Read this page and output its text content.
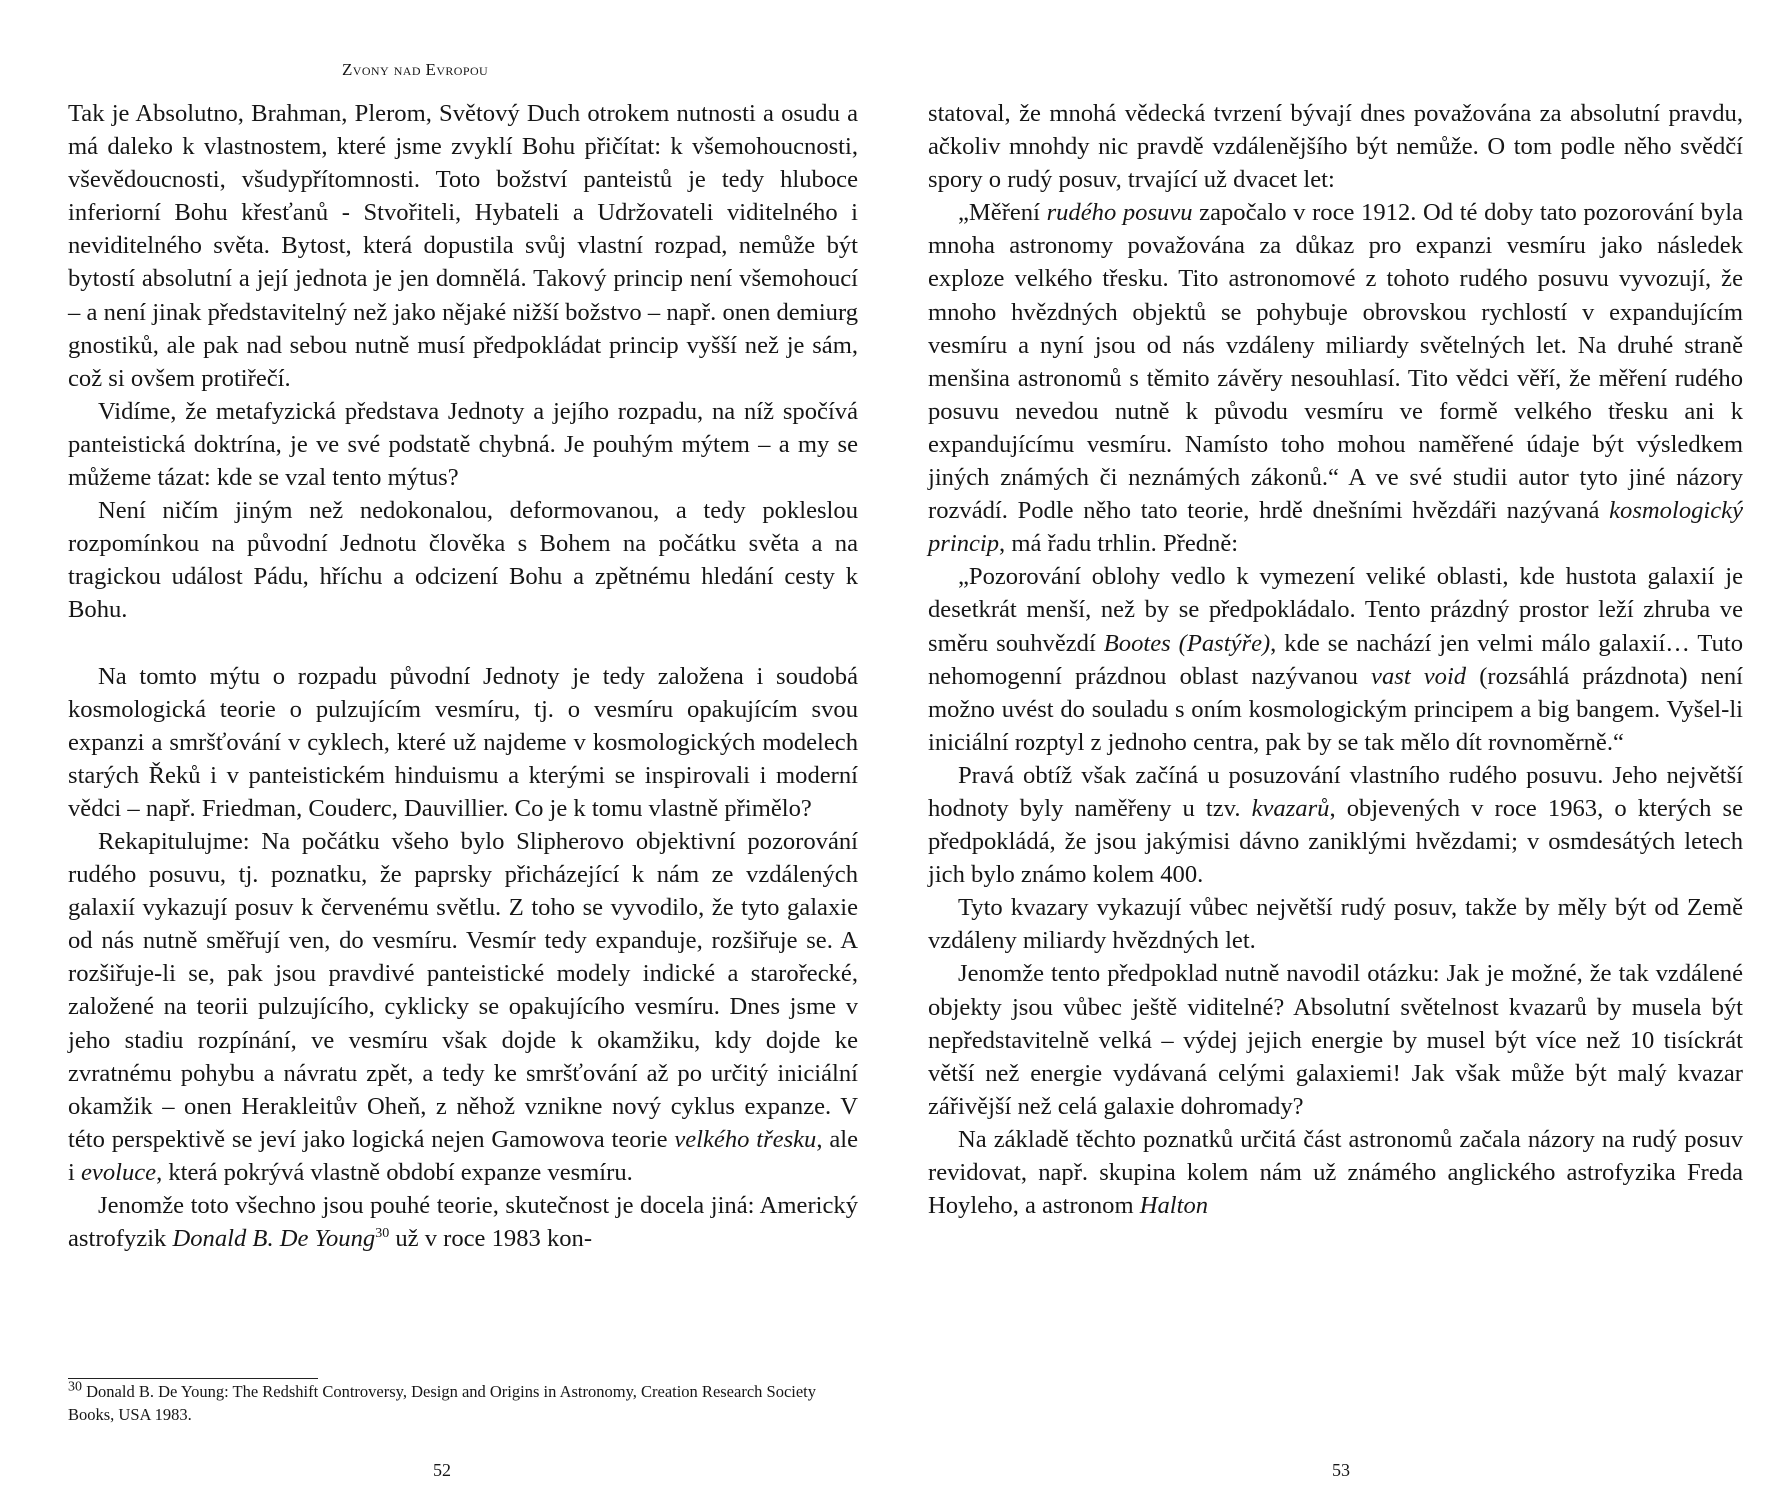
Zvony nad Evropou

Tak je Absolutno, Brahman, Plerom, Světový Duch otrokem nutnosti a osudu a má daleko k vlastnostem, které jsme zvyklí Bohu přičítat: k všemohoucnosti, vševědoucnosti, všudypřítomnosti. Toto božství panteistů je tedy hluboce inferiorní Bohu křesťanů - Stvořiteli, Hybateli a Udržovateli viditelného i neviditelného světa. Bytost, která dopustila svůj vlastní rozpad, nemůže být bytostí absolutní a její jednota je jen domnělá. Takový princip není všemohoucí – a není jinak představitelný než jako nějaké nižší božstvo – např. onen demiurg gnostiků, ale pak nad sebou nutně musí předpokládat princip vyšší než je sám, což si ovšem protiřečí.

Vidíme, že metafyzická představa Jednoty a jejího rozpadu, na níž spočívá panteistická doktrína, je ve své podstatě chybná. Je pouhým mýtem – a my se můžeme tázat: kde se vzal tento mýtus?

Není ničím jiným než nedokonalou, deformovanou, a tedy pokleslou rozpomínkou na původní Jednotu člověka s Bohem na počátku světa a na tragickou událost Pádu, hříchu a odcizení Bohu a zpětnému hledání cesty k Bohu.

Na tomto mýtu o rozpadu původní Jednoty je tedy založena i soudobá kosmologická teorie o pulzujícím vesmíru, tj. o vesmíru opakujícím svou expanzi a smršťování v cyklech, které už najdeme v kosmologických modelech starých Řeků i v panteistickém hinduismu a kterými se inspirovali i moderní vědci – např. Friedman, Couderc, Dauvillier. Co je k tomu vlastně přimělo?

Rekapitulujme: Na počátku všeho bylo Slipherovo objektivní pozorování rudého posuvu, tj. poznatku, že paprsky přicházející k nám ze vzdálených galaxií vykazují posuv k červenému světlu. Z toho se vyvodilo, že tyto galaxie od nás nutně směřují ven, do vesmíru. Vesmír tedy expanduje, rozšiřuje se. A rozšiřuje-li se, pak jsou pravdivé panteistické modely indické a starořecké, založené na teorii pulzujícího, cyklicky se opakujícího vesmíru. Dnes jsme v jeho stadiu rozpínání, ve vesmíru však dojde k okamžiku, kdy dojde ke zvratnému pohybu a návratu zpět, a tedy ke smršťování až po určitý iniciální okamžik – onen Herakleitův Oheň, z něhož vznikne nový cyklus expanze. V této perspektivě se jeví jako logická nejen Gamowova teorie velkého třesku, ale i evoluce, která pokrývá vlastně období expanze vesmíru.

Jenomže toto všechno jsou pouhé teorie, skutečnost je docela jiná: Americký astrofyzik Donald B. De Young$^{30}$ už v roce 1983 kon-

$^{30}$ Donald B. De Young: The Redshift Controversy, Design and Origins in Astronomy, Creation Research Society Books, USA 1983.
52

statoval, že mnohá vědecká tvrzení bývají dnes považována za absolutní pravdu, ačkoliv mnohdy nic pravdě vzdálenějšího být nemůže. O tom podle něho svědčí spory o rudý posuv, trvající už dvacet let:

„Měření rudého posuvu započalo v roce 1912. Od té doby tato pozorování byla mnoha astronomy považována za důkaz pro expanzi vesmíru jako následek exploze velkého třesku. Tito astronomové z tohoto rudého posuvu vyvozují, že mnoho hvězdných objektů se pohybuje obrovskou rychlostí v expandujícím vesmíru a nyní jsou od nás vzdáleny miliardy světelných let. Na druhé straně menšina astronomů s těmito závěry nesouhlasí. Tito vědci věří, že měření rudého posuvu nevedou nutně k původu vesmíru ve formě velkého třesku ani k expandujícímu vesmíru. Namísto toho mohou naměřené údaje být výsledkem jiných známých či neznámých zákonů.“ A ve své studii autor tyto jiné názory rozvádí. Podle něho tato teorie, hrdě dnešními hvězdáři nazývaná kosmologický princip, má řadu trhlin. Předně:

„Pozorování oblohy vedlo k vymezení veliké oblasti, kde hustota galaxií je desetkrát menší, než by se předpokládalo. Tento prázdný prostor leží zhruba ve směru souhvězdí Bootes (Pastýře), kde se nachází jen velmi málo galaxií… Tuto nehomogenní prázdnou oblast nazývanou vast void (rozsáhlá prázdnota) není možno uvést do souladu s oním kosmologickým principem a big bangem. Vyšel-li iniciální rozptyl z jednoho centra, pak by se tak mělo dít rovnoměrně.“

Pravá obtíž však začíná u posuzování vlastního rudého posuvu. Jeho největší hodnoty byly naměřeny u tzv. kvazarů, objevených v roce 1963, o kterých se předpokládá, že jsou jakýmisi dávno zaniklými hvězdami; v osmdesátých letech jich bylo známo kolem 400.

Tyto kvazary vykazují vůbec největší rudý posuv, takže by měly být od Země vzdáleny miliardy hvězdných let.

Jenomže tento předpoklad nutně navodil otázku: Jak je možné, že tak vzdálené objekty jsou vůbec ještě viditelné? Absolutní světelnost kvazarů by musela být nepředstavitelně velká – výdej jejich energie by musel být více než 10 tisíckrát větší než energie vydávaná celými galaxiemi! Jak však může být malý kvazar zářivější než celá galaxie dohromady?

Na základě těchto poznatků určitá část astronomů začala názory na rudý posuv revidovat, např. skupina kolem nám už známého anglického astrofyzika Freda Hoyleho, a astronom Halton

53
